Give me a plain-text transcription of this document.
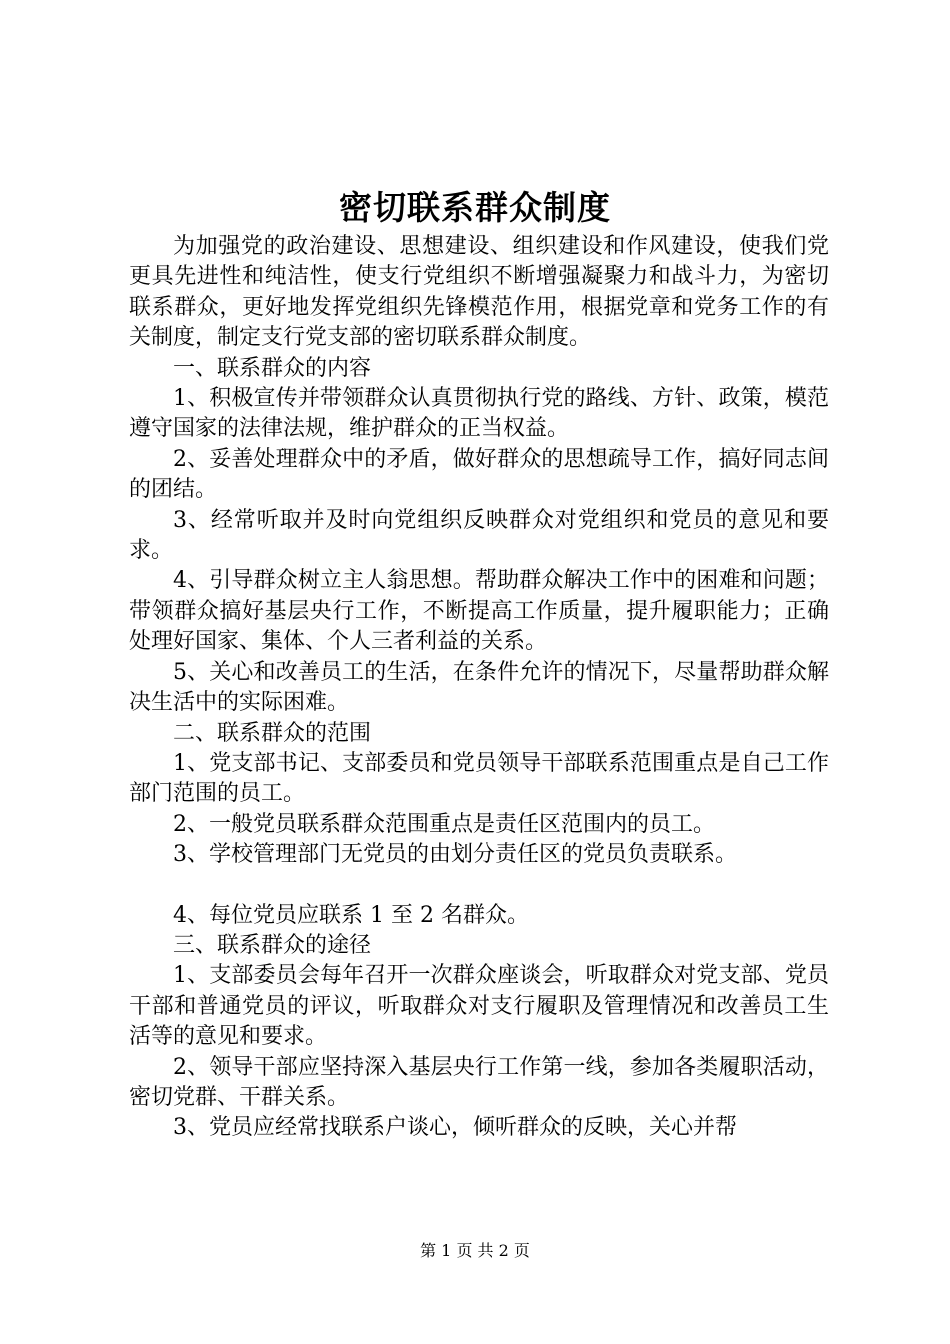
密切联系群众制度

为加强党的政治建设、思想建设、组织建设和作风建设，使我们党更具先进性和纯洁性，使支行党组织不断增强凝聚力和战斗力，为密切联系群众，更好地发挥党组织先锋模范作用，根据党章和党务工作的有关制度，制定支行党支部的密切联系群众制度。

一、联系群众的内容

1、积极宣传并带领群众认真贯彻执行党的路线、方针、政策，模范遵守国家的法律法规，维护群众的正当权益。

2、妥善处理群众中的矛盾，做好群众的思想疏导工作，搞好同志间的团结。

3、经常听取并及时向党组织反映群众对党组织和党员的意见和要求。

4、引导群众树立主人翁思想。帮助群众解决工作中的困难和问题；带领群众搞好基层央行工作，不断提高工作质量，提升履职能力；正确处理好国家、集体、个人三者利益的关系。

5、关心和改善员工的生活，在条件允许的情况下，尽量帮助群众解决生活中的实际困难。

二、联系群众的范围

1、党支部书记、支部委员和党员领导干部联系范围重点是自己工作部门范围的员工。

2、一般党员联系群众范围重点是责任区范围内的员工。

3、学校管理部门无党员的由划分责任区的党员负责联系。

4、每位党员应联系 1 至 2 名群众。

三、联系群众的途径

1、支部委员会每年召开一次群众座谈会，听取群众对党支部、党员干部和普通党员的评议，听取群众对支行履职及管理情况和改善员工生活等的意见和要求。

2、领导干部应坚持深入基层央行工作第一线，参加各类履职活动，密切党群、干群关系。

3、党员应经常找联系户谈心，倾听群众的反映，关心并帮

第 1 页 共 2 页
